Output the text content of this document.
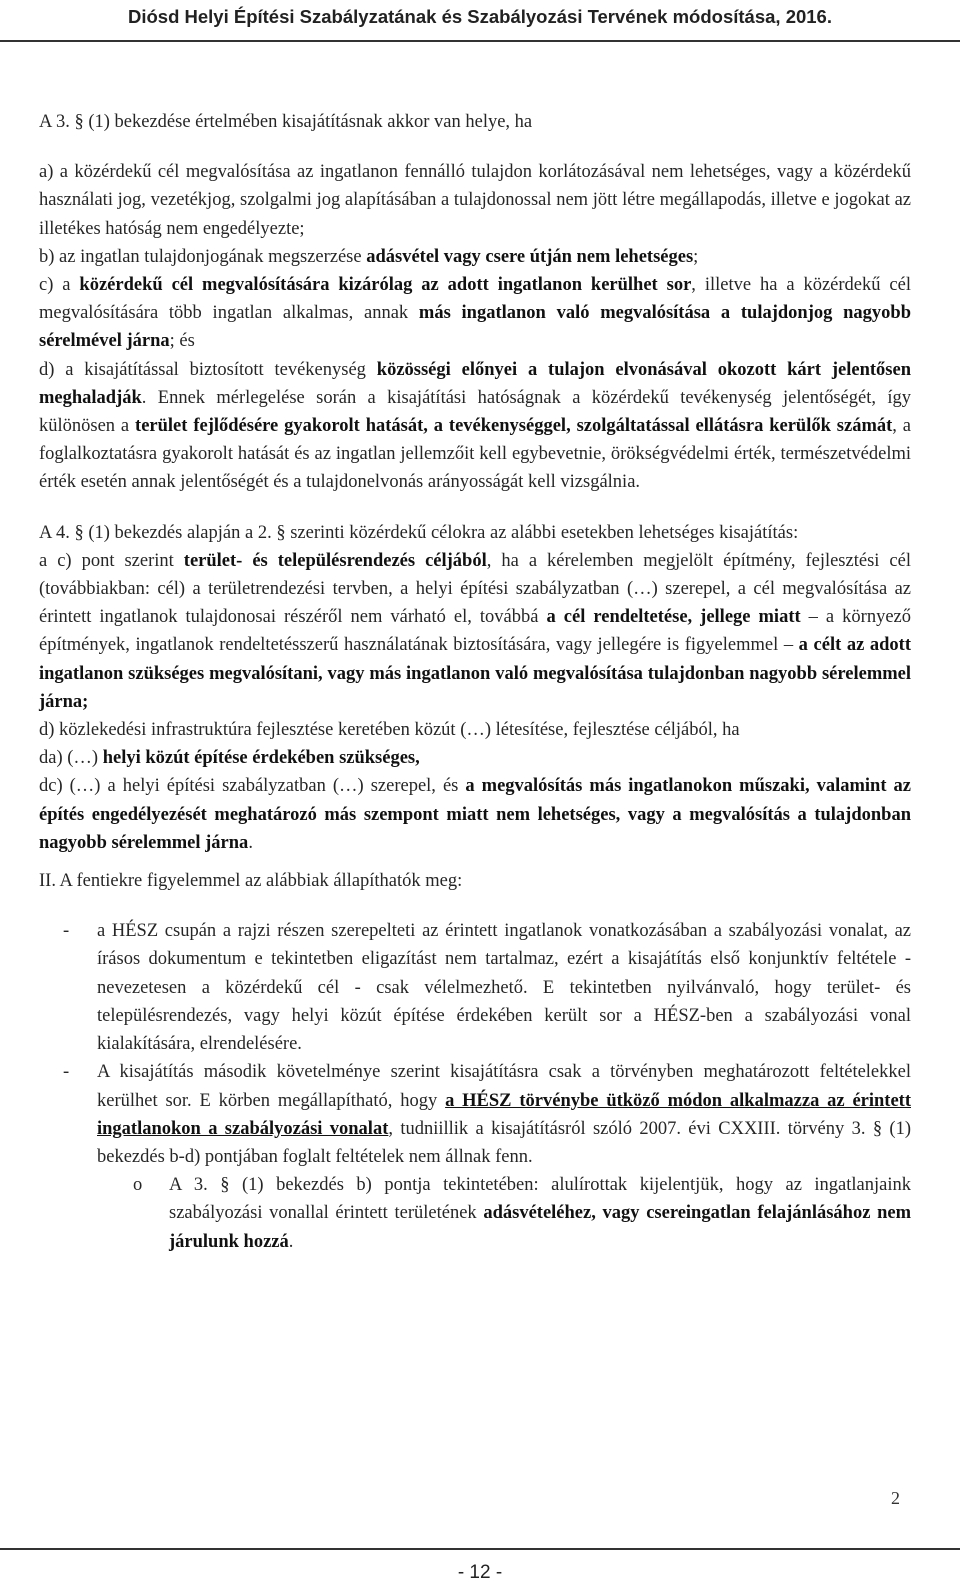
Diósd Helyi Építési Szabályzatának és Szabályozási Tervének módosítása, 2016.

A 3. § (1) bekezdése értelmében kisajátításnak akkor van helye, ha

a) a közérdekű cél megvalósítása az ingatlanon fennálló tulajdon korlátozásával nem lehetséges, vagy a közérdekű használati jog, vezetékjog, szolgalmi jog alapításában a tulajdonossal nem jött létre megállapodás, illetve e jogokat az illetékes hatóság nem engedélyezte;

b) az ingatlan tulajdonjogának megszerzése adásvétel vagy csere útján nem lehetséges;

c) a közérdekű cél megvalósítására kizárólag az adott ingatlanon kerülhet sor, illetve ha a közérdekű cél megvalósítására több ingatlan alkalmas, annak más ingatlanon való megvalósítása a tulajdonjog nagyobb sérelmével járna; és

d) a kisajátítással biztosított tevékenység közösségi előnyei a tulajon elvonásával okozott kárt jelentősen meghaladják. Ennek mérlegelése során a kisajátítási hatóságnak a közérdekű tevékenység jelentőségét, így különösen a terület fejlődésére gyakorolt hatását, a tevékenységgel, szolgáltatással ellátásra kerülők számát, a foglalkoztatásra gyakorolt hatását és az ingatlan jellemzőit kell egybevetnie, örökségvédelmi érték, természetvédelmi érték esetén annak jelentőségét és a tulajdonelvonás arányosságát kell vizsgálnia.

A 4. § (1) bekezdés alapján a 2. § szerinti közérdekű célokra az alábbi esetekben lehetséges kisajátítás:

a c) pont szerint terület- és településrendezés céljából, ha a kérelemben megjelölt építmény, fejlesztési cél (továbbiakban: cél) a területrendezési tervben, a helyi építési szabályzatban (…) szerepel, a cél megvalósítása az érintett ingatlanok tulajdonosai részéről nem várható el, továbbá a cél rendeltetése, jellege miatt – a környező építmények, ingatlanok rendeltetésszerű használatának biztosítására, vagy jellegére is figyelemmel – a célt az adott ingatlanon szükséges megvalósítani, vagy más ingatlanon való megvalósítása tulajdonban nagyobb sérelemmel járna;

d) közlekedési infrastruktúra fejlesztése keretében közút (…) létesítése, fejlesztése céljából, ha

da) (…) helyi közút építése érdekében szükséges,

dc) (…) a helyi építési szabályzatban (…) szerepel, és a megvalósítás más ingatlanokon műszaki, valamint az építés engedélyezését meghatározó más szempont miatt nem lehetséges, vagy a megvalósítás a tulajdonban nagyobb sérelemmel járna.

II. A fentiekre figyelemmel az alábbiak állapíthatók meg:

- a HÉSZ csupán a rajzi részen szerepelteti az érintett ingatlanok vonatkozásában a szabályozási vonalat, az írásos dokumentum e tekintetben eligazítást nem tartalmaz, ezért a kisajátítás első konjunktív feltétele - nevezetesen a közérdekű cél - csak vélelmezhető. E tekintetben nyilvánvaló, hogy terület- és településrendezés, vagy helyi közút építése érdekében került sor a HÉSZ-ben a szabályozási vonal kialakítására, elrendelésére.

- A kisajátítás második követelménye szerint kisajátításra csak a törvényben meghatározott feltételekkel kerülhet sor. E körben megállapítható, hogy a HÉSZ törvénybe ütköző módon alkalmazza az érintett ingatlanokon a szabályozási vonalat, tudniillik a kisajátításról szóló 2007. évi CXXIII. törvény 3. § (1) bekezdés b-d) pontjában foglalt feltételek nem állnak fenn.

o A 3. § (1) bekezdés b) pontja tekintetében: alulírottak kijelentjük, hogy az ingatlanjaink szabályozási vonallal érintett területének adásvételéhez, vagy csereingatlan felajánlásához nem járulunk hozzá.

2
- 12 -
